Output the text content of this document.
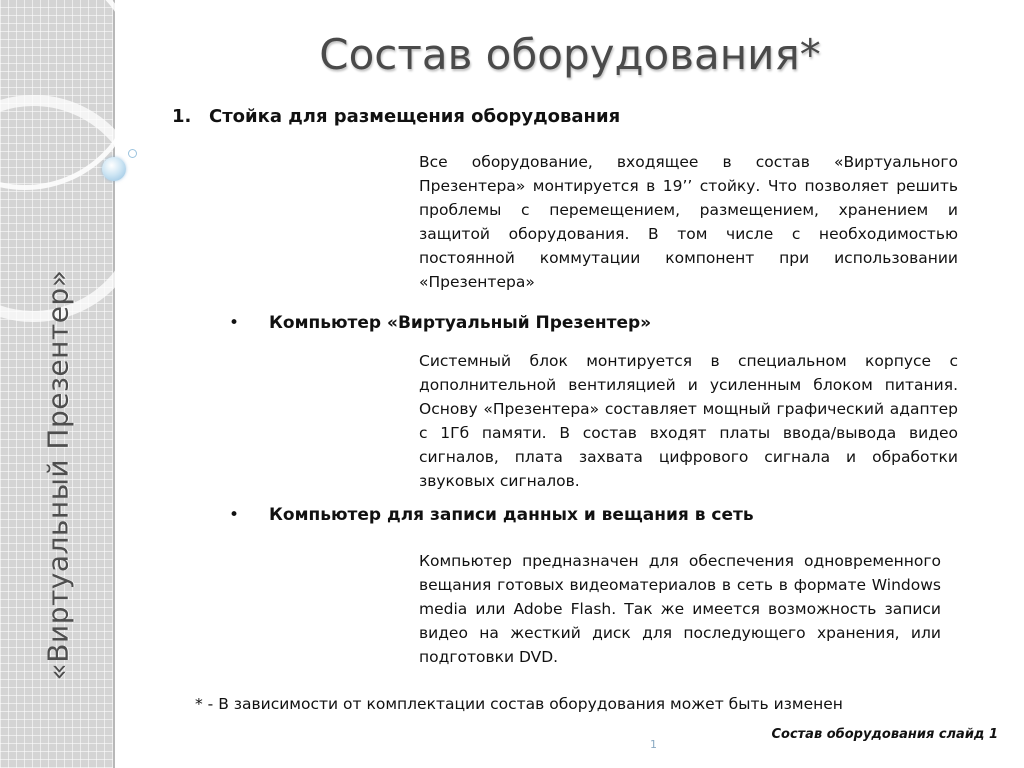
«Виртуальный Презентер»
Состав оборудования*
1. Стойка для размещения оборудования
Все оборудование, входящее в состав «Виртуального Презентера» монтируется в 19’’ стойку. Что позволяет решить проблемы с перемещением, размещением, хранением и защитой оборудования. В том числе с необходимостью постоянной коммутации компонент при использовании «Презентера»
• Компьютер «Виртуальный Презентер»
Системный блок монтируется в специальном корпусе с дополнительной вентиляцией и усиленным блоком питания. Основу «Презентера» составляет мощный графический адаптер с 1Гб памяти. В состав входят платы ввода/вывода видео сигналов, плата захвата цифрового сигнала и обработки звуковых сигналов.
• Компьютер для записи данных и вещания в сеть
Компьютер предназначен для обеспечения одновременного вещания готовых видеоматериалов в сеть в формате Windows media или Adobe Flash. Так же имеется возможность записи видео на жесткий диск для последующего хранения, или подготовки DVD.
* - В зависимости от комплектации состав оборудования может быть изменен
1
Состав оборудования слайд 1
